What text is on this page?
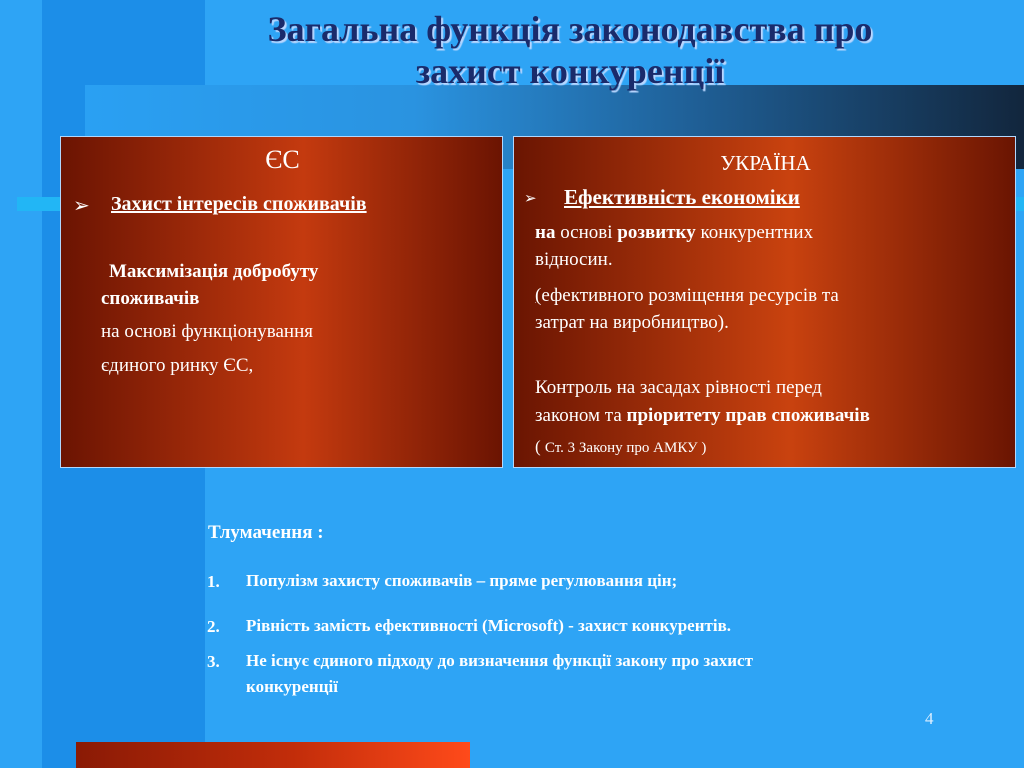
Загальна функція законодавства про
захист конкуренції
ЄС
➢ Захист інтересів споживачів
Максимізація добробуту
споживачів
на основі функціонування
єдиного ринку ЄС,
УКРАЇНА
➢ Ефективність економіки
на основі розвитку конкурентних
відносин.
(ефективного розміщення ресурсів та
затрат на виробництво).
Контроль на засадах рівності перед
законом та пріоритету прав споживачів
( Ст. 3 Закону про АМКУ )
Тлумачення :
1. Популізм захисту споживачів – пряме регулювання цін;
2. Рівність замість ефективності (Microsoft) - захист конкурентів.
3. Не існує єдиного підходу до визначення функції закону про захист
конкуренції
4
